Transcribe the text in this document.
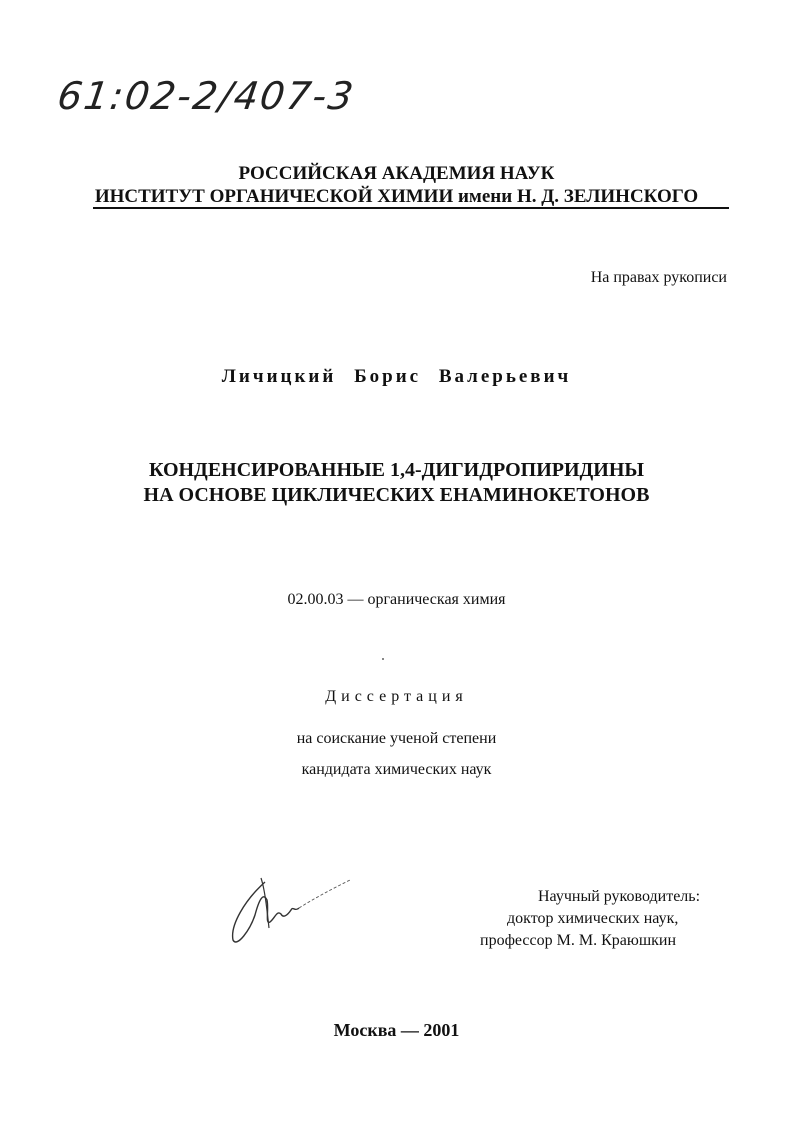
61:02-2/407-3
РОССИЙСКАЯ АКАДЕМИЯ НАУК
ИНСТИТУТ ОРГАНИЧЕСКОЙ ХИМИИ имени Н. Д. ЗЕЛИНСКОГО
На правах рукописи
Личицкий Борис Валерьевич
КОНДЕНСИРОВАННЫЕ 1,4-ДИГИДРОПИРИДИНЫ
НА ОСНОВЕ ЦИКЛИЧЕСКИХ ЕНАМИНОКЕТОНОВ
02.00.03 — органическая химия
Диссертация
на соискание ученой степени
кандидата химических наук
Научный руководитель:
доктор химических наук,
профессор М. М. Краюшкин
Москва — 2001
